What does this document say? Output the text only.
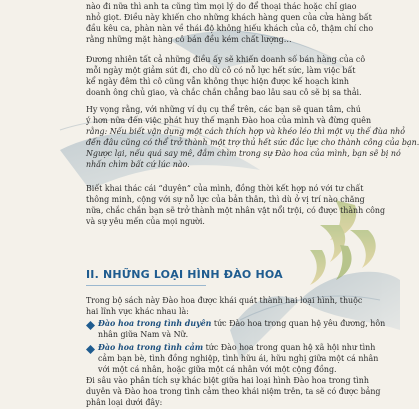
nào đi nữa thì anh ta cũng tìm mọi lý do để thoại thác hoặc chỉ giao
nhỏ giọt. Điều này khiến cho những khách hàng quen của cửa hàng bất
đầu kêu ca, phàn nàn về thái độ không hiếu khách của cô, thậm chí cho
rằng những mặt hàng cô bán đều kém chất lượng…
Đương nhiên tất cả những điều ấy sẽ khiến doanh số bán hàng của cô
mỗi ngày một giảm sút đi, cho dù cô có nỗ lực hết sức, làm việc bất
kể ngày đêm thì cô cũng vẫn không thực hiện được kế hoạch kinh
doanh ông chủ giao, và chắc chắn chẳng bao lâu sau cô sẽ bị sa thải.
Hy vọng rằng, với những ví dụ cụ thể trên, các bạn sẽ quan tâm, chú
ý hơn nữa đến việc phát huy thế mạnh Đào hoa của mình và đừng quên
rằng: Nếu biết vận dụng một cách thích hợp và khéo léo thì một vụ thế đùa nhỏ
đến đâu cũng có thể trở thành một trợ thủ hết sức đắc lực cho thành công của bạn.
Ngược lại, nếu quá say mê, đắm chìm trong sự Đào hoa của mình, bạn sẽ bị nó
nhấn chìm bất cứ lúc nào.
Biết khai thác cái “duyên” của mình, đồng thời kết hợp nó với tư chất
thông minh, cộng với sự nỗ lực của bản thân, thì dù ở vị trí nào chăng
nữa, chắc chắn bạn sẽ trở thành một nhân vật nổi trội, có được thành công
và sự yêu mến của mọi người.
II. NHỮNG LOẠI HÌNH ĐÀO HOA
Trong bộ sách này Đào hoa được khái quát thành hai loại hình, thuộc
hai lĩnh vực khác nhau là:
Đào hoa trong tình duyên tức Đào hoa trong quan hệ yêu đương, hôn
nhân giữa Nam và Nữ.
Đào hoa trong tình cảm tức Đào hoa trong quan hệ xã hội như tình
cảm bạn bè, tình đồng nghiệp, tình hữu ái, hữu nghị giữa một cá nhân
với một cá nhân, hoặc giữa một cá nhân với một cộng đồng.
Đi sâu vào phân tích sự khác biệt giữa hai loại hình Đào hoa trong tình
duyên và Đào hoa trong tình cảm theo khái niệm trên, ta sẽ có được bảng
phân loại dưới đây:
